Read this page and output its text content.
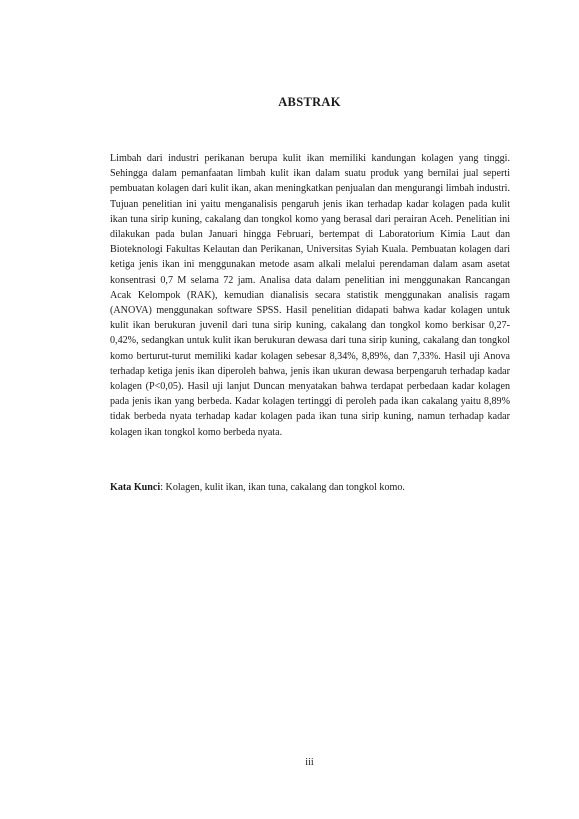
ABSTRAK

Limbah dari industri perikanan berupa kulit ikan memiliki kandungan kolagen yang tinggi. Sehingga dalam pemanfaatan limbah kulit ikan dalam suatu produk yang bernilai jual seperti pembuatan kolagen dari kulit ikan, akan meningkatkan penjualan dan mengurangi limbah industri. Tujuan penelitian ini yaitu menganalisis pengaruh jenis ikan terhadap kadar kolagen pada kulit ikan tuna sirip kuning, cakalang dan tongkol komo yang berasal dari perairan Aceh. Penelitian ini dilakukan pada bulan Januari hingga Februari, bertempat di Laboratorium Kimia Laut dan Bioteknologi Fakultas Kelautan dan Perikanan, Universitas Syiah Kuala. Pembuatan kolagen dari ketiga jenis ikan ini menggunakan metode asam alkali melalui perendaman dalam asam asetat konsentrasi 0,7 M selama 72 jam. Analisa data dalam penelitian ini menggunakan Rancangan Acak Kelompok (RAK), kemudian dianalisis secara statistik menggunakan analisis ragam (ANOVA) menggunakan software SPSS. Hasil penelitian didapati bahwa kadar kolagen untuk kulit ikan berukuran juvenil dari tuna sirip kuning, cakalang dan tongkol komo berkisar 0,27-0,42%, sedangkan untuk kulit ikan berukuran dewasa dari tuna sirip kuning, cakalang dan tongkol komo berturut-turut memiliki kadar kolagen sebesar 8,34%, 8,89%, dan 7,33%. Hasil uji Anova terhadap ketiga jenis ikan diperoleh bahwa, jenis ikan ukuran dewasa berpengaruh terhadap kadar kolagen (P<0,05). Hasil uji lanjut Duncan menyatakan bahwa terdapat perbedaan kadar kolagen pada jenis ikan yang berbeda. Kadar kolagen tertinggi di peroleh pada ikan cakalang yaitu 8,89% tidak berbeda nyata terhadap kadar kolagen pada ikan tuna sirip kuning, namun terhadap kadar kolagen ikan tongkol komo berbeda nyata.

Kata Kunci: Kolagen, kulit ikan, ikan tuna, cakalang dan tongkol komo.

iii
